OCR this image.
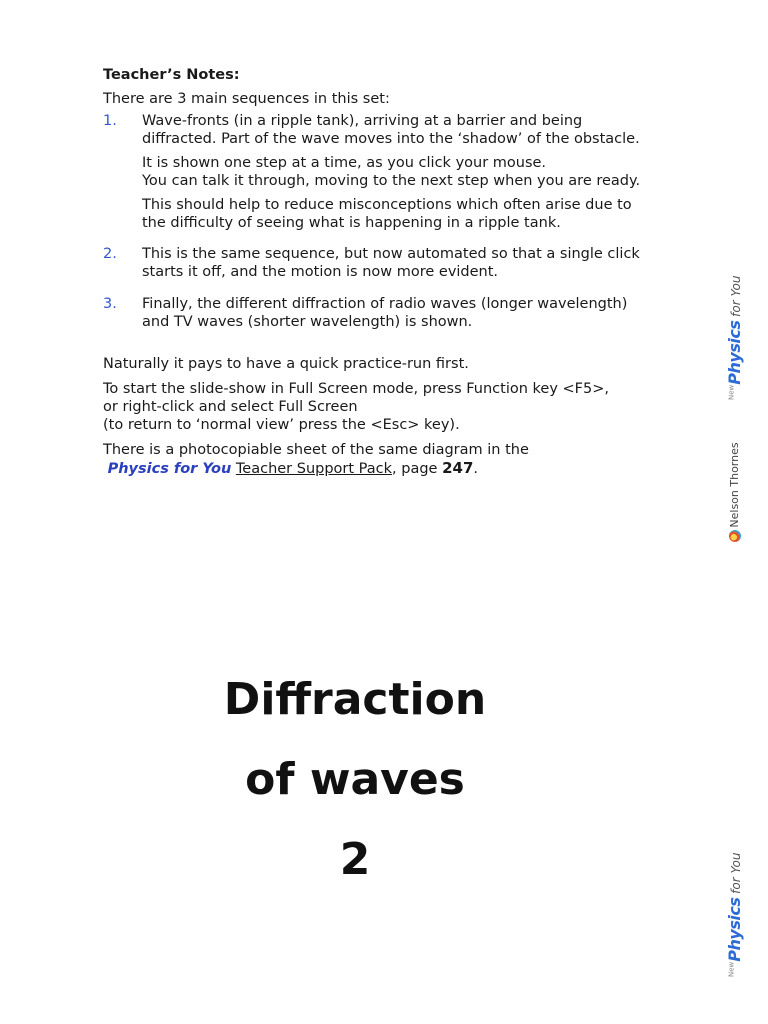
Teacher’s Notes:
There are 3 main sequences in this set:
1. Wave-fronts (in a ripple tank), arriving at a barrier and being
diffracted. Part of the wave moves into the ‘shadow’ of the obstacle.
It is shown one step at a time, as you click your mouse.
You can talk it through, moving to the next step when you are ready.
This should help to reduce misconceptions which often arise due to
the difficulty of seeing what is happening in a ripple tank.
2. This is the same sequence, but now automated so that a single click
starts it off, and the motion is now more evident.
3. Finally, the different diffraction of radio waves (longer wavelength)
and TV waves (shorter wavelength) is shown.

Naturally it pays to have a quick practice-run first.

To start the slide-show in Full Screen mode, press Function key <F5>,
or right-click and select Full Screen
(to return to ‘normal view’ press the <Esc> key).

There is a photocopiable sheet of the same diagram in the
Physics for You Teacher Support Pack, page 247.

Diffraction
of waves
2
$^{New}$Physics for You
Nelson Thornes
$^{New}$Physics for You
